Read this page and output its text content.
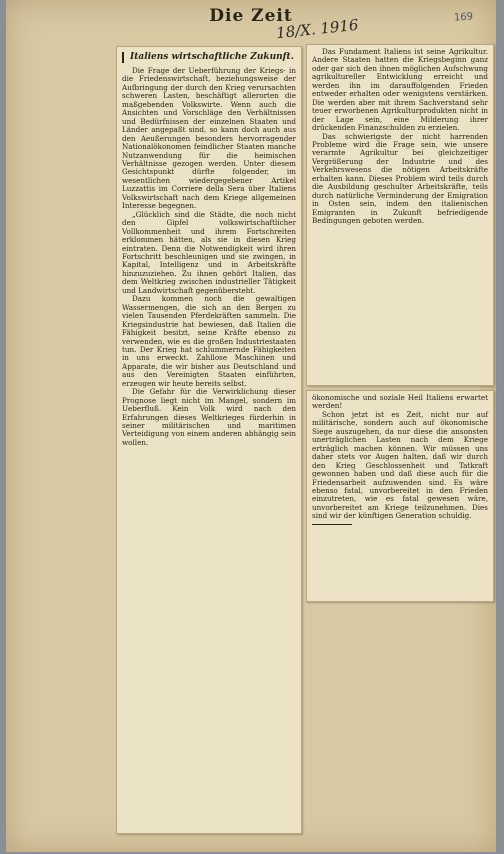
Die Zeit
18/X. 1916	169
Italiens wirtschaftliche Zukunft.

Die Frage der Ueberführung der Kriegs- in die Friedenswirtschaft, beziehungsweise der Aufbringung der durch den Krieg verursachten schweren Lasten, beschäftigt allerorten die maßgebenden Volkswirte. Wenn auch die Ansichten und Vorschläge den Verhältnissen und Bedürfnissen der einzelnen Staaten und Länder angepaßt sind, so kann doch auch aus den Aeußerungen besonders hervorragender Nationalökonomen feindlicher Staaten manche Nutzanwendung für die heimischen Verhältnisse gezogen werden. Unter diesem Gesichtspunkt dürfte folgender, im wesentlichen wiedergegebener Artikel Luzzattis im Corriere della Sera über Italiens Volkswirtschaft nach dem Kriege allgemeinen Interesse begegnen.

„Glücklich sind die Städte, die noch nicht den Gipfel volkswirtschaftlicher Vollkommenheit und ihrem Fortschreiten erklommen hätten, als sie in diesen Krieg eintraten. Denn die Notwendigkeit wird ihren Fortschritt beschleunigen und sie zwingen, in Kapital, Intelligenz und in Arbeitskräfte hinzuzuziehen. Zu ihnen gehört Italien, das dem Weltkrieg zwischen industrieller Tätigkeit und Landwirtschaft gegenübersteht.

Dazu kommen noch die gewaltigen Wassermengen, die sich an den Bergen zu vielen Tausenden Pferdekräften sammeln. Die Kriegsindustrie hat bewiesen, daß Italien die Fähigkeit besitzt, seine Kräfte ebenso zu verwenden, wie es die großen Industriestaaten tun. Der Krieg hat schlummernde Fähigkeiten in uns erweckt. Zahllose Maschinen und Apparate, die wir bisher aus Deutschland und aus den Vereinigten Staaten einführten, erzeugen wir heute bereits selbst.

Die Gefahr für die Verwirklichung dieser Prognose liegt nicht im Mangel, sondern im Ueberfluß. Kein Volk wird nach den Erfahrungen dieses Weltkrieges fürderhin in seiner militärischen und maritimen Verteidigung von einem anderen abhängig sein wollen.

Das Fundament Italiens ist seine Agrikultur. Andere Staaten hatten die Kriegsbeginn ganz oder gar sich den ihnen möglichen Aufschwung agrikultureller Entwicklung erreicht und werden ihn im darauffolgenden Frieden entweder erhalten oder wenigstens verstärken. Die werden aber mit ihrem Sachverstand sehr teuer erworbenen Agrikulturprodukten nicht in der Lage sein, eine Milderung ihrer drückenden Finanzschulden zu erzielen.

Das schwierigste der nicht harrenden Probleme wird die Frage sein, wie unsere verarmte Agrikultur bei gleichzeitiger Vergrößerung der Industrie und des Verkehrswesens die nötigen Arbeitskräfte erhalten kann. Dieses Problem wird teils durch die Ausbildung geschulter Arbeitskräfte, teils durch natürliche Verminderung der Emigration in Osten sein, indem den italienischen Emigranten in Zukunft befriedigende Bedingungen geboten werden.

ökonomische und soziale Heil Italiens erwartet werden!

Schon jetzt ist es Zeit, nicht nur auf militärische, sondern auch auf ökonomische Siege auszugehen, da nur diese die ansonsten unerträglichen Lasten nach dem Kriege erträglich machen können. Wir müssen uns daher stets vor Augen halten, daß wir durch den Krieg Geschlossenheit und Tatkraft gewonnen haben und daß diese auch für die Friedensarbeit aufzuwenden sind. Es wäre ebenso fatal, unvorbereitet in den Frieden einzutreten, wie es fatal gewesen wäre, unvorbereitet am Kriege teilzunehmen. Dies sind wir der künftigen Generation schuldig.
